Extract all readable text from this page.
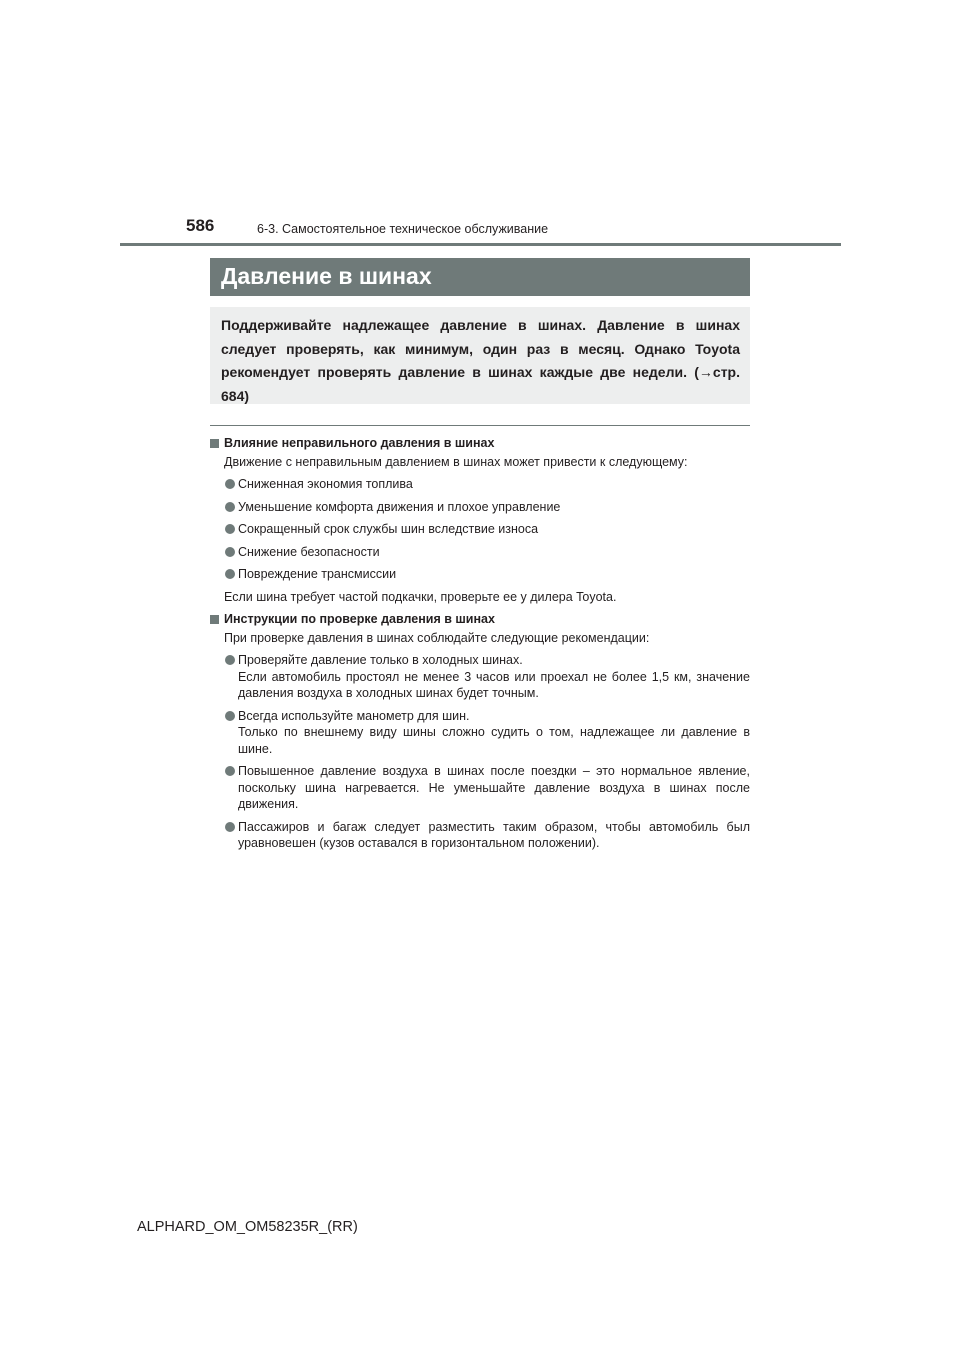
586	6-3. Самостоятельное техническое обслуживание
Давление в шинах
Поддерживайте надлежащее давление в шинах. Давление в шинах следует проверять, как минимум, один раз в месяц. Однако Toyota рекомендует проверять давление в шинах каждые две недели. (→стр. 684)

Влияние неправильного давления в шинах

Движение с неправильным давлением в шинах может привести к следующему:

Сниженная экономия топлива
Уменьшение комфорта движения и плохое управление
Сокращенный срок службы шин вследствие износа
Снижение безопасности
Повреждение трансмиссии

Если шина требует частой подкачки, проверьте ее у дилера Toyota.

Инструкции по проверке давления в шинах

При проверке давления в шинах соблюдайте следующие рекомендации:

Проверяйте давление только в холодных шинах.
Если автомобиль простоял не менее 3 часов или проехал не более 1,5 км, значение давления воздуха в холодных шинах будет точным.
Всегда используйте манометр для шин.
Только по внешнему виду шины сложно судить о том, надлежащее ли давление в шине.
Повышенное давление воздуха в шинах после поездки – это нормальное явление, поскольку шина нагревается. Не уменьшайте давление воздуха в шинах после движения.
Пассажиров и багаж следует разместить таким образом, чтобы автомобиль был уравновешен (кузов оставался в горизонтальном положении).
ALPHARD_OM_OM58235R_(RR)
